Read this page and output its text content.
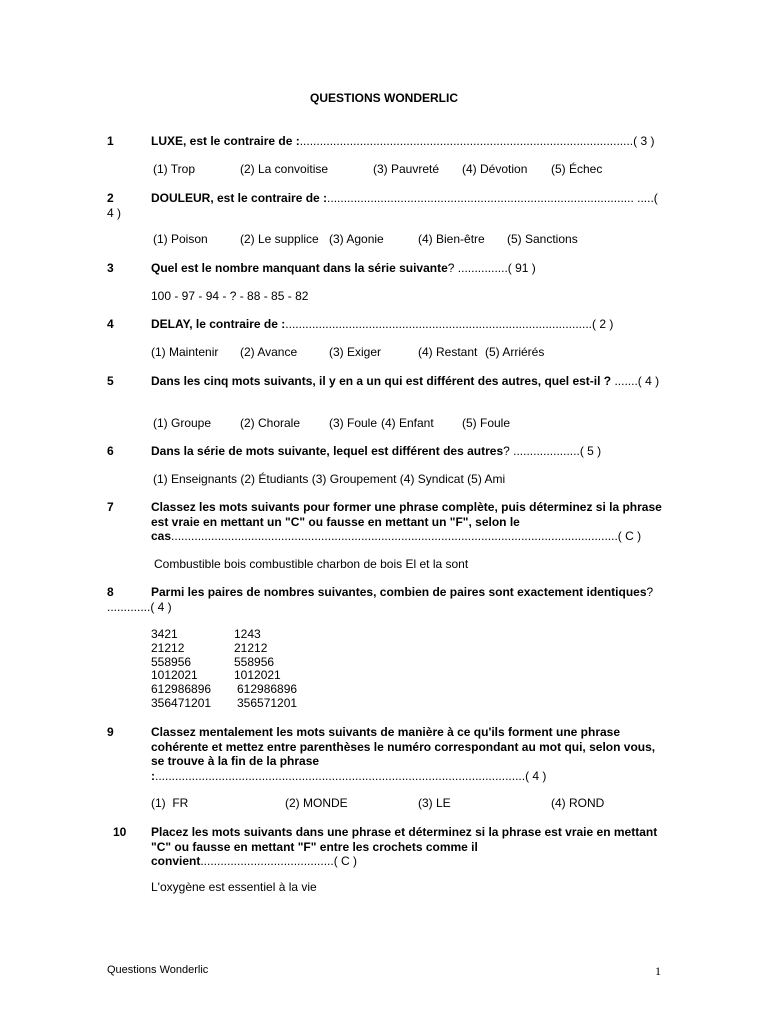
QUESTIONS WONDERLIC
1	LUXE, est le contraire de :....................................................................................................( 3 )

(1) Trop

	(2) La convoitise

	(3) Pauvreté

(4) Dévotion

(5) Échec

2	DOULEUR, est le contraire de :............................................................................................ .....( 4 )

(1) Poison

	(2) Le supplice

(3) Agonie

	(4) Bien-être

(5) Sanctions

3	Quel est le nombre manquant dans la série suivante? ...............( 91 )
100 - 97 - 94 - ? - 88 - 85 - 82
4	DELAY, le contraire de :............................................................................................( 2 )

(1) Maintenir

(2) Avance

	(3) Exiger

	(4) Restant

(5) Arriérés

5	Dans les cinq mots suivants, il y en a un qui est différent des autres, quel est-il ? .......( 4 )

(1) Groupe

(2) Chorale

(3) Foule

(4) Enfant

(5) Foule

6	Dans la série de mots suivante, lequel est différent des autres? ....................( 5 )
(1) Enseignants (2) Étudiants (3) Groupement (4) Syndicat (5) Ami
7	Classez les mots suivants pour former une phrase complète, puis déterminez si la phrase est vraie en mettant un "C" ou fausse en mettant un "F", selon le cas......................................................................................................................................( C )
Combustible bois combustible charbon de bois El et la sont
8	Parmi les paires de nombres suivantes, combien de paires sont exactement identiques? .............( 4 )
3421	1243
21212	21212
558956	558956
1012021	1012021
612986896 612986896
356471201 356571201
9	Classez mentalement les mots suivants de manière à ce qu'ils forment une phrase cohérente et mettez entre parenthèses le numéro correspondant au mot qui, selon vous, se trouve à la fin de la phrase :...............................................................................................................( 4 )

(1)  FR

	(2) MONDE

	(3) LE

	(4) ROND

10 Placez les mots suivants dans une phrase et déterminez si la phrase est vraie en mettant "C" ou fausse en mettant "F" entre les crochets comme il convient........................................( C )
L'oxygène est essentiel à la vie
Questions Wonderlic	1
